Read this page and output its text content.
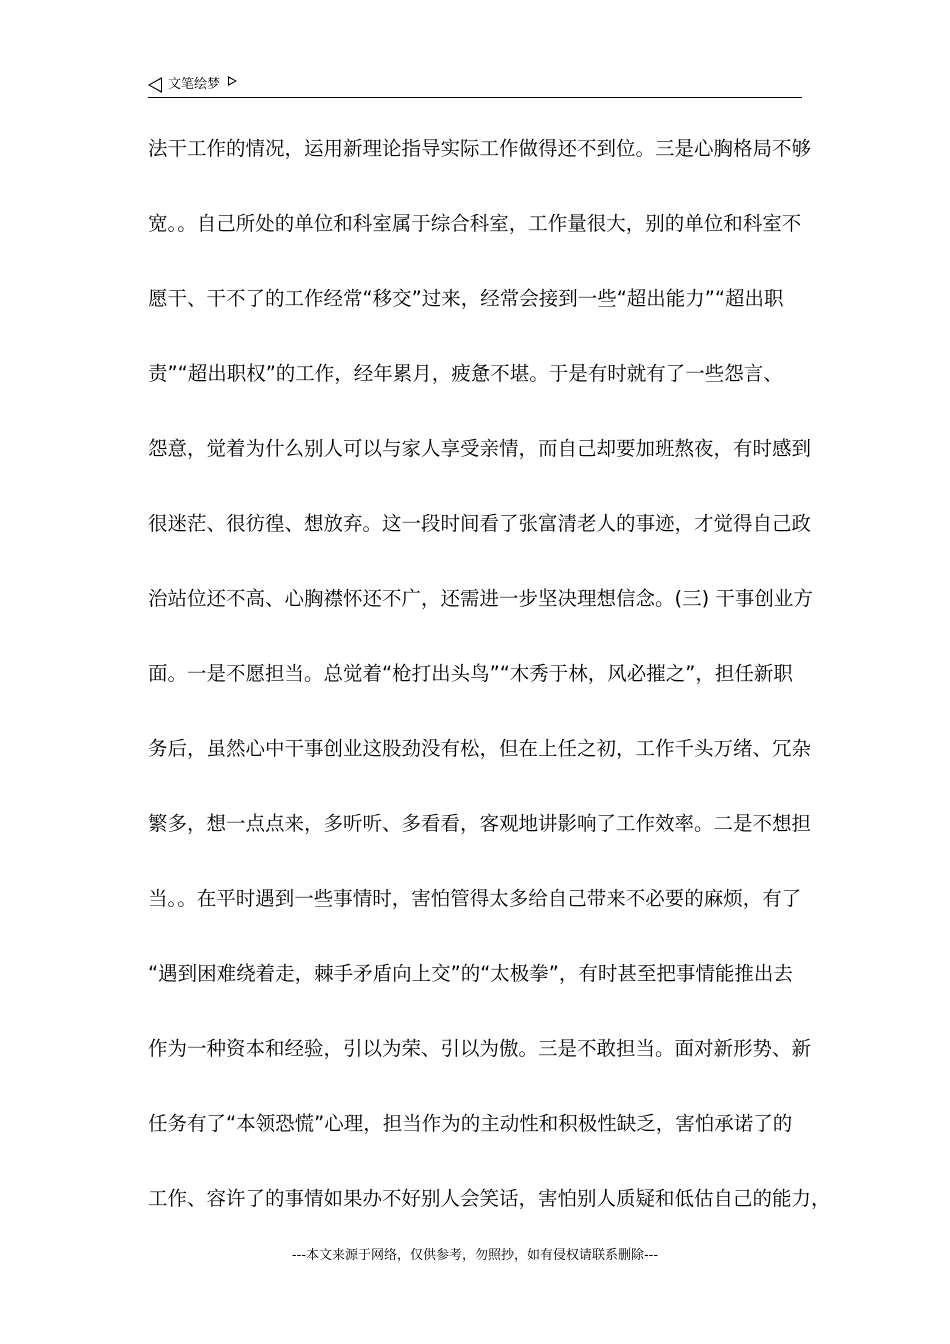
文笔绘梦
法干工作的情况，运用新理论指导实际工作做得还不到位。三是心胸格局不够
宽。。自己所处的单位和科室属于综合科室，工作量很大，别的单位和科室不
愿干、干不了的工作经常“移交”过来，经常会接到一些“超出能力”“超出职
责”“超出职权”的工作，经年累月，疲惫不堪。于是有时就有了一些怨言、
怨意，觉着为什么别人可以与家人享受亲情，而自己却要加班熬夜，有时感到
很迷茫、很彷徨、想放弃。这一段时间看了张富清老人的事迹，才觉得自己政
治站位还不高、心胸襟怀还不广，还需进一步坚决理想信念。(三) 干事创业方
面。一是不愿担当。总觉着“枪打出头鸟”“木秀于林，风必摧之”，担任新职
务后，虽然心中干事创业这股劲没有松，但在上任之初，工作千头万绪、冗杂
繁多，想一点点来，多听听、多看看，客观地讲影响了工作效率。二是不想担
当。。在平时遇到一些事情时，害怕管得太多给自己带来不必要的麻烦，有了
“遇到困难绕着走，棘手矛盾向上交”的“太极拳”，有时甚至把事情能推出去
作为一种资本和经验，引以为荣、引以为傲。三是不敢担当。面对新形势、新
任务有了“本领恐慌”心理，担当作为的主动性和积极性缺乏，害怕承诺了的
工作、容许了的事情如果办不好别人会笑话，害怕别人质疑和低估自己的能力，
---本文来源于网络，仅供参考，勿照抄，如有侵权请联系删除---
